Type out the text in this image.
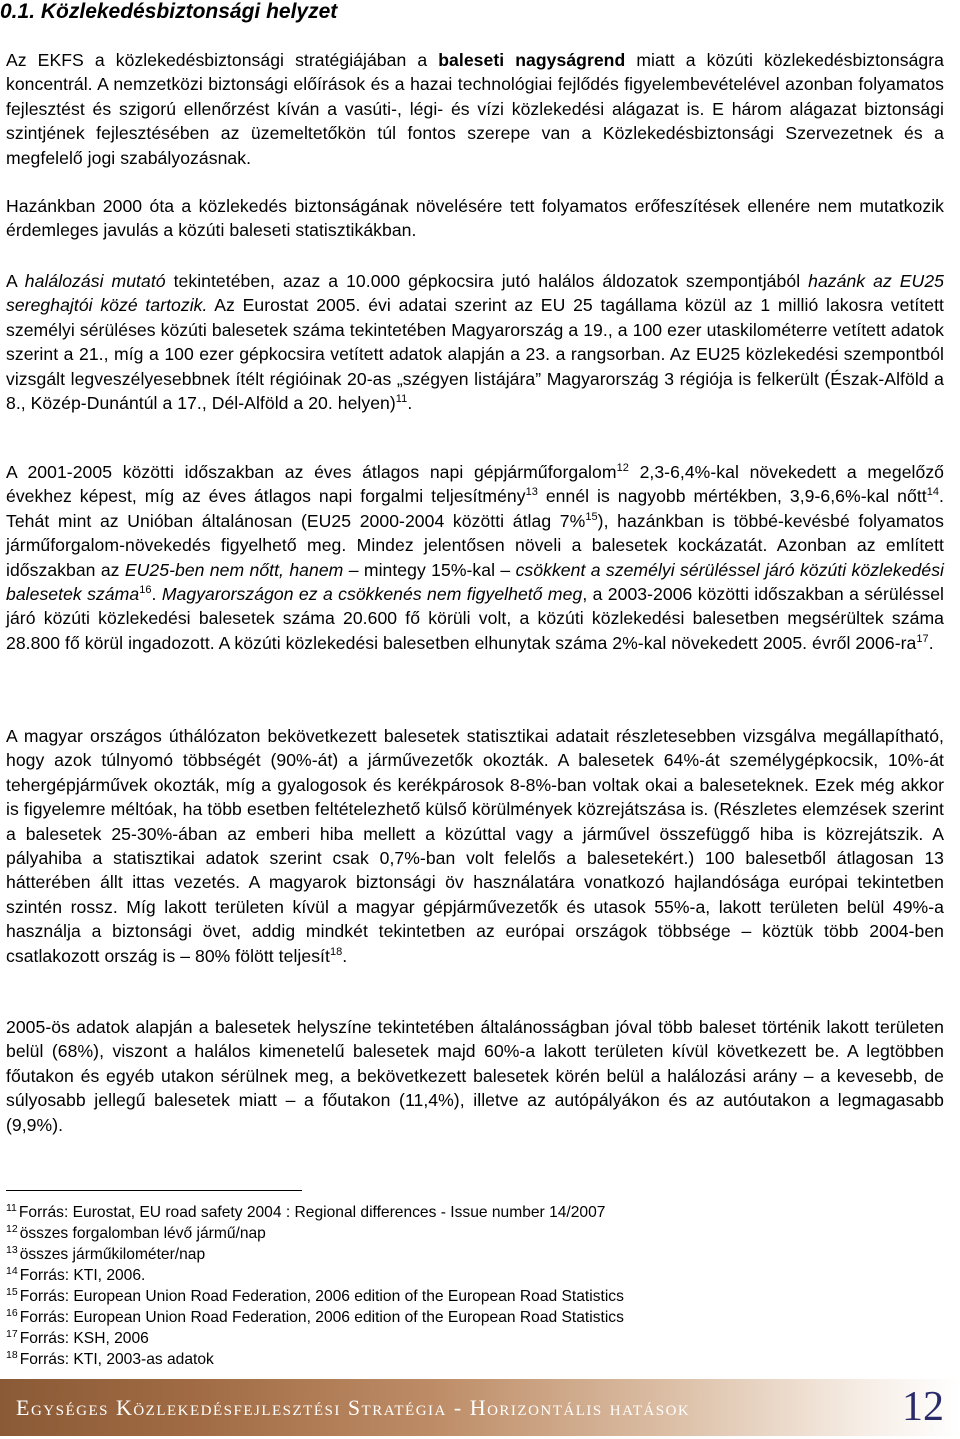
0.1. Közlekedésbiztonsági helyzet

Az EKFS a közlekedésbiztonsági stratégiájában a baleseti nagyságrend miatt a közúti közlekedésbiztonságra koncentrál. A nemzetközi biztonsági előírások és a hazai technológiai fejlődés figyelembevételével azonban folyamatos fejlesztést és szigorú ellenőrzést kíván a vasúti-, légi- és vízi közlekedési alágazat is. E három alágazat biztonsági szintjének fejlesztésében az üzemeltetőkön túl fontos szerepe van a Közlekedésbiztonsági Szervezetnek és a megfelelő jogi szabályozásnak.

Hazánkban 2000 óta a közlekedés biztonságának növelésére tett folyamatos erőfeszítések ellenére nem mutatkozik érdemleges javulás a közúti baleseti statisztikákban.

A halálozási mutató tekintetében, azaz a 10.000 gépkocsira jutó halálos áldozatok szempontjából hazánk az EU25 sereghajtói közé tartozik. Az Eurostat 2005. évi adatai szerint az EU 25 tagállama közül az 1 millió lakosra vetített személyi sérüléses közúti balesetek száma tekintetében Magyarország a 19., a 100 ezer utaskilométerre vetített adatok szerint a 21., míg a 100 ezer gépkocsira vetített adatok alapján a 23. a rangsorban. Az EU25 közlekedési szempontból vizsgált legveszélyesebbnek ítélt régióinak 20-as „szégyen listájára” Magyarország 3 régiója is felkerült (Észak-Alföld a 8., Közép-Dunántúl a 17., Dél-Alföld a 20. helyen)$^{11}$.

A 2001-2005 közötti időszakban az éves átlagos napi gépjárműforgalom$^{12}$ 2,3-6,4%-kal növekedett a megelőző évekhez képest, míg az éves átlagos napi forgalmi teljesítmény$^{13}$ ennél is nagyobb mértékben, 3,9-6,6%-kal nőtt$^{14}$. Tehát mint az Unióban általánosan (EU25 2000-2004 közötti átlag 7%$^{15}$), hazánkban is többé-kevésbé folyamatos járműforgalom-növekedés figyelhető meg. Mindez jelentősen növeli a balesetek kockázatát. Azonban az említett időszakban az EU25-ben nem nőtt, hanem – mintegy 15%-kal – csökkent a személyi sérüléssel járó közúti közlekedési balesetek száma$^{16}$. Magyarországon ez a csökkenés nem figyelhető meg, a 2003-2006 közötti időszakban a sérüléssel járó közúti közlekedési balesetek száma 20.600 fő körüli volt, a közúti közlekedési balesetben megsérültek száma 28.800 fő körül ingadozott. A közúti közlekedési balesetben elhunytak száma 2%-kal növekedett 2005. évről $2006-ra^{17}$.

A magyar országos úthálózaton bekövetkezett balesetek statisztikai adatait részletesebben vizsgálva megállapítható, hogy azok túlnyomó többségét (90%-át) a járművezetők okozták. A balesetek 64%-át személygépkocsik, 10%-át tehergépjárművek okozták, míg a gyalogosok és kerékpárosok 8-8%-ban voltak okai a baleseteknek. Ezek még akkor is figyelemre méltóak, ha több esetben feltételezhető külső körülmények közrejátszása is. (Részletes elemzések szerint a balesetek 25-30%-ában az emberi hiba mellett a közúttal vagy a járművel összefüggő hiba is közrejátszik. A pályahiba a statisztikai adatok szerint csak 0,7%-ban volt felelős a balesetekért.) 100 balesetből átlagosan 13 hátterében állt ittas vezetés. A magyarok biztonsági öv használatára vonatkozó hajlandósága európai tekintetben szintén rossz. Míg lakott területen kívül a magyar gépjárművezetők és utasok 55%-a, lakott területen belül 49%-a használja a biztonsági övet, addig mindkét tekintetben az európai országok többsége – köztük több 2004-ben csatlakozott ország is – 80% fölött teljesít$^{18}$.

2005-ös adatok alapján a balesetek helyszíne tekintetében általánosságban jóval több baleset történik lakott területen belül (68%), viszont a halálos kimenetelű balesetek majd 60%-a lakott területen kívül következett be. A legtöbben főutakon és egyéb utakon sérülnek meg, a bekövetkezett balesetek körén belül a halálozási arány – a kevesebb, de súlyosabb jellegű balesetek miatt – a főutakon (11,4%), illetve az autópályákon és az autóutakon a legmagasabb (9,9%).

$^{11}$ Forrás: Eurostat, EU road safety 2004 : Regional differences - Issue number 14/2007
$^{12}$ összes forgalomban lévő jármű/nap
$^{13}$ összes járműkilométer/nap
$^{14}$ Forrás: KTI, 2006.
$^{15}$ Forrás: European Union Road Federation, 2006 edition of the European Road Statistics
$^{16}$ Forrás: European Union Road Federation, 2006 edition of the European Road Statistics
$^{17}$ Forrás: KSH, 2006
$^{18}$ Forrás: KTI, 2003-as adatok
Egységes Közlekedésfejlesztési Stratégia - Horizontális hatások	12
